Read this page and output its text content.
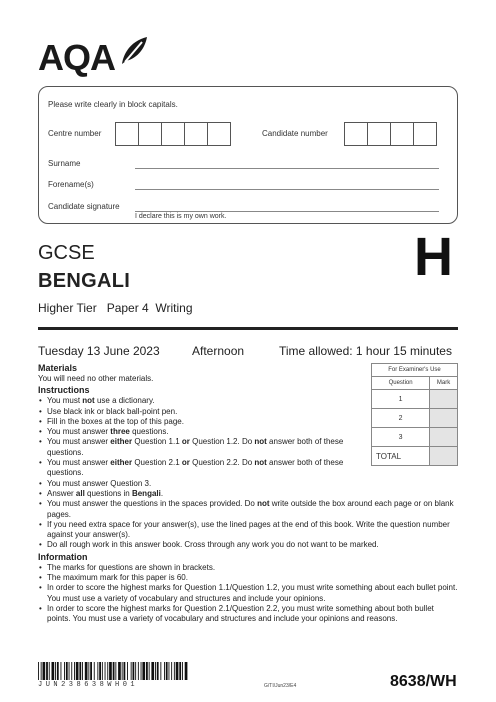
AQA
Please write clearly in block capitals.
Centre number	Candidate number
Surname
Forename(s)
Candidate signature
I declare this is my own work.
GCSE
BENGALI
Higher Tier   Paper 4  Writing
H
Tuesday 13 June 2023	Afternoon	Time allowed: 1 hour 15 minutes
Materials
You will need no other materials.
Instructions
• You must not use a dictionary.
• Use black ink or black ball-point pen.
• Fill in the boxes at the top of this page.
• You must answer three questions.
• You must answer either Question 1.1 or Question 1.2. Do not answer both of these questions.
• You must answer either Question 2.1 or Question 2.2. Do not answer both of these questions.
• You must answer Question 3.
• Answer all questions in Bengali.
• You must answer the questions in the spaces provided. Do not write outside the box around each page or on blank pages.
• If you need extra space for your answer(s), use the lined pages at the end of this book. Write the question number against your answer(s).
• Do all rough work in this answer book. Cross through any work you do not want to be marked.
Information
• The marks for questions are shown in brackets.
• The maximum mark for this paper is 60.
• In order to score the highest marks for Question 1.1/Question 1.2, you must write something about each bullet point. You must use a variety of vocabulary and structures and include your opinions.
• In order to score the highest marks for Question 2.1/Question 2.2, you must write something about both bullet points. You must use a variety of vocabulary and structures and include your opinions and reasons.
For Examiner's Use	
Question	Mark
1	
2	
3	
TOTAL	
JUN238638WH01	G/TI/Jun23/E4	8638/WH
